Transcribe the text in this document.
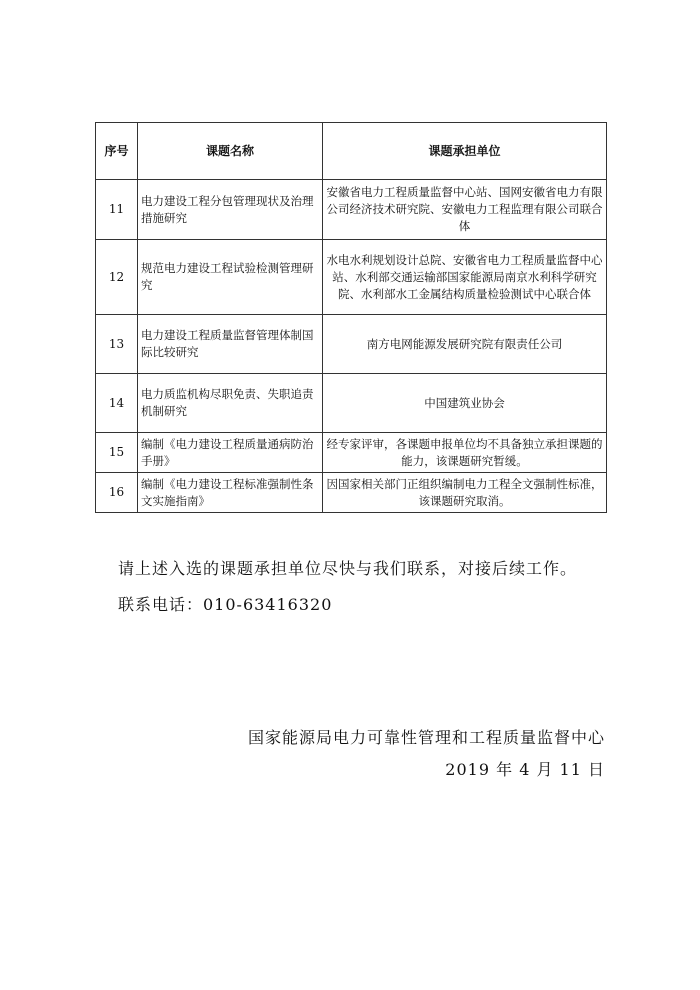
序号	课题名称	课题承担单位
11	电力建设工程分包管理现状及治理措施研究	安徽省电力工程质量监督中心站、国网安徽省电力有限公司经济技术研究院、安徽电力工程监理有限公司联合体
12	规范电力建设工程试验检测管理研究	水电水利规划设计总院、安徽省电力工程质量监督中心站、水利部交通运输部国家能源局南京水利科学研究院、水利部水工金属结构质量检验测试中心联合体
13	电力建设工程质量监督管理体制国际比较研究	南方电网能源发展研究院有限责任公司
14	电力质监机构尽职免责、失职追责机制研究	中国建筑业协会
15	编制《电力建设工程质量通病防治手册》	经专家评审，各课题申报单位均不具备独立承担课题的能力，该课题研究暂缓。
16	编制《电力建设工程标准强制性条文实施指南》	因国家相关部门正组织编制电力工程全文强制性标准，该课题研究取消。
请上述入选的课题承担单位尽快与我们联系，对接后续工作。
联系电话：010-63416320
国家能源局电力可靠性管理和工程质量监督中心
2019 年 4 月 11 日
